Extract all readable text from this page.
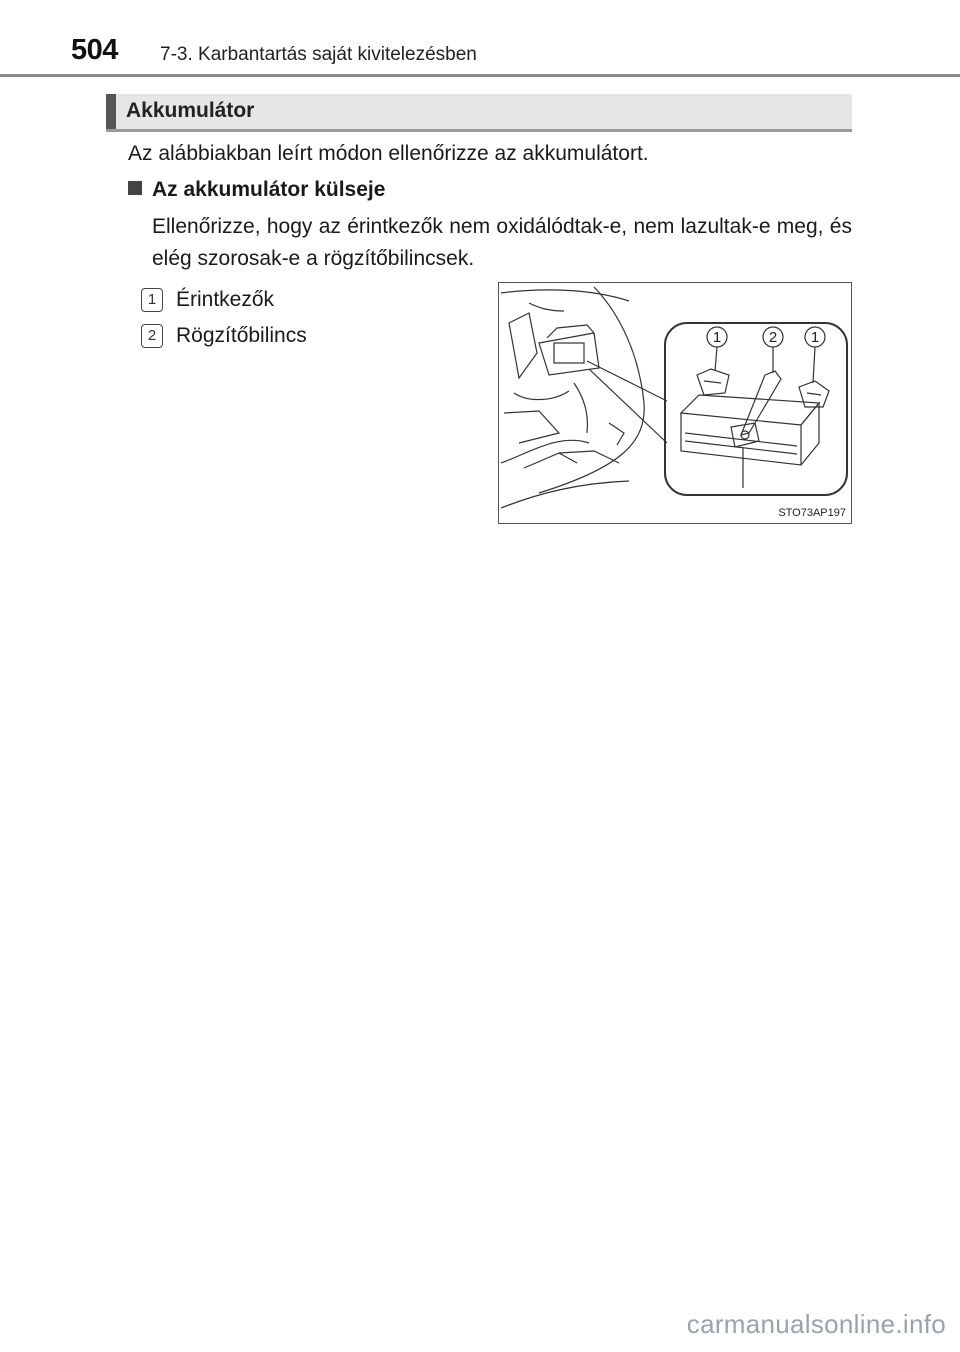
504 7-3. Karbantartás saját kivitelezésben
Akkumulátor
Az alábbiakban leírt módon ellenőrizze az akkumulátort.
Az akkumulátor külseje
Ellenőrizze, hogy az érintkezők nem oxidálódtak-e, nem lazultak-e meg, és elég szorosak-e a rögzítőbilincsek.
1 Érintkezők
2 Rögzítőbilincs	1	2 1
STO73AP197
carmanualsonline.info
